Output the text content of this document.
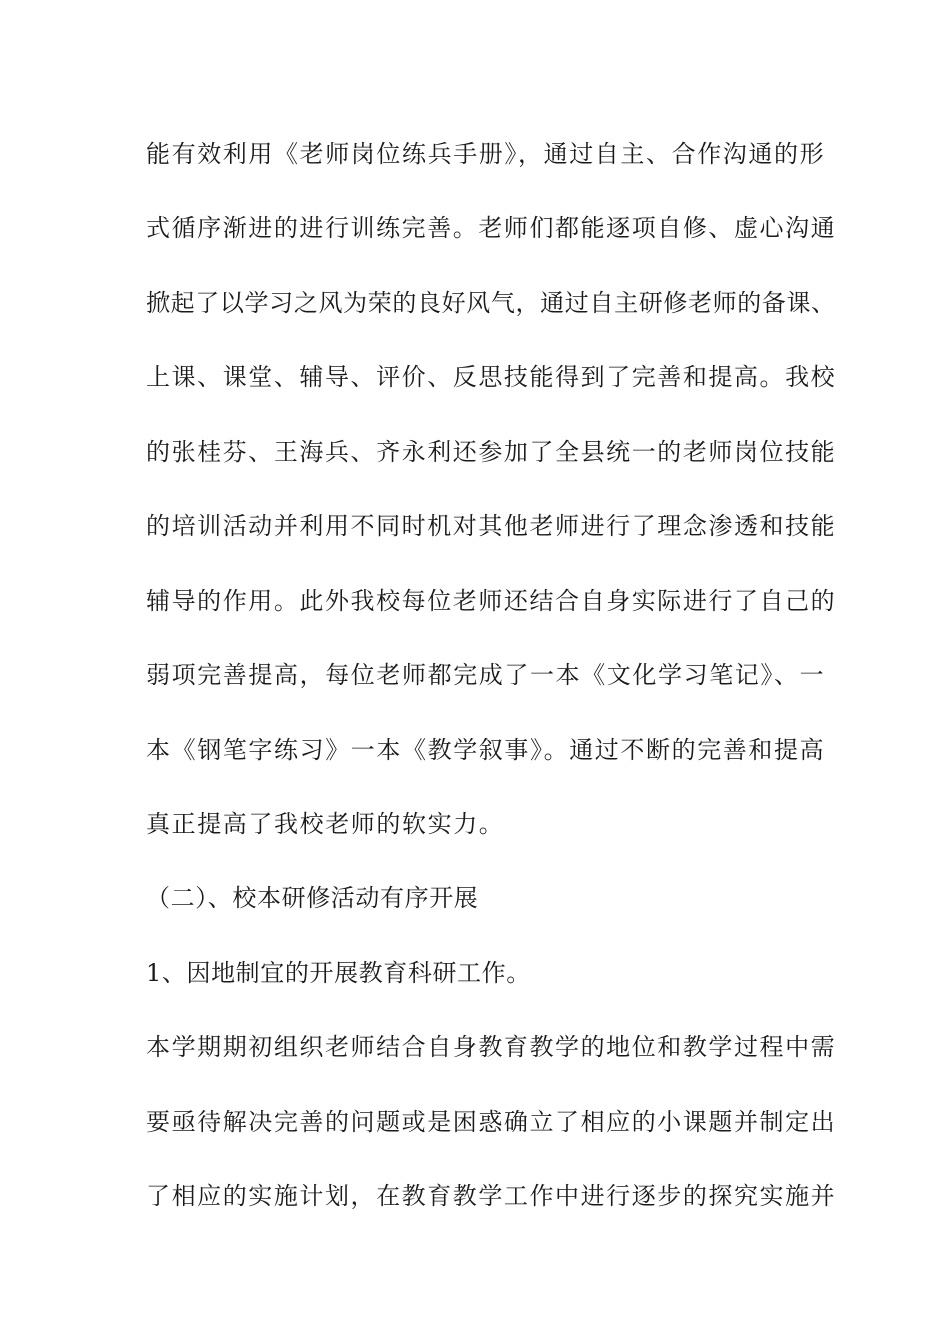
能有效利用《老师岗位练兵手册》，通过自主、合作沟通的形
式循序渐进的进行训练完善。老师们都能逐项自修、虚心沟通
掀起了以学习之风为荣的良好风气，通过自主研修老师的备课、
上课、课堂、辅导、评价、反思技能得到了完善和提高。我校
的张桂芬、王海兵、齐永利还参加了全县统一的老师岗位技能
的培训活动并利用不同时机对其他老师进行了理念渗透和技能
辅导的作用。此外我校每位老师还结合自身实际进行了自己的
弱项完善提高，每位老师都完成了一本《文化学习笔记》、一
本《钢笔字练习》一本《教学叙事》。通过不断的完善和提高
真正提高了我校老师的软实力。
（二）、校本研修活动有序开展
1、因地制宜的开展教育科研工作。
本学期期初组织老师结合自身教育教学的地位和教学过程中需
要亟待解决完善的问题或是困惑确立了相应的小课题并制定出
了相应的实施计划，在教育教学工作中进行逐步的探究实施并
